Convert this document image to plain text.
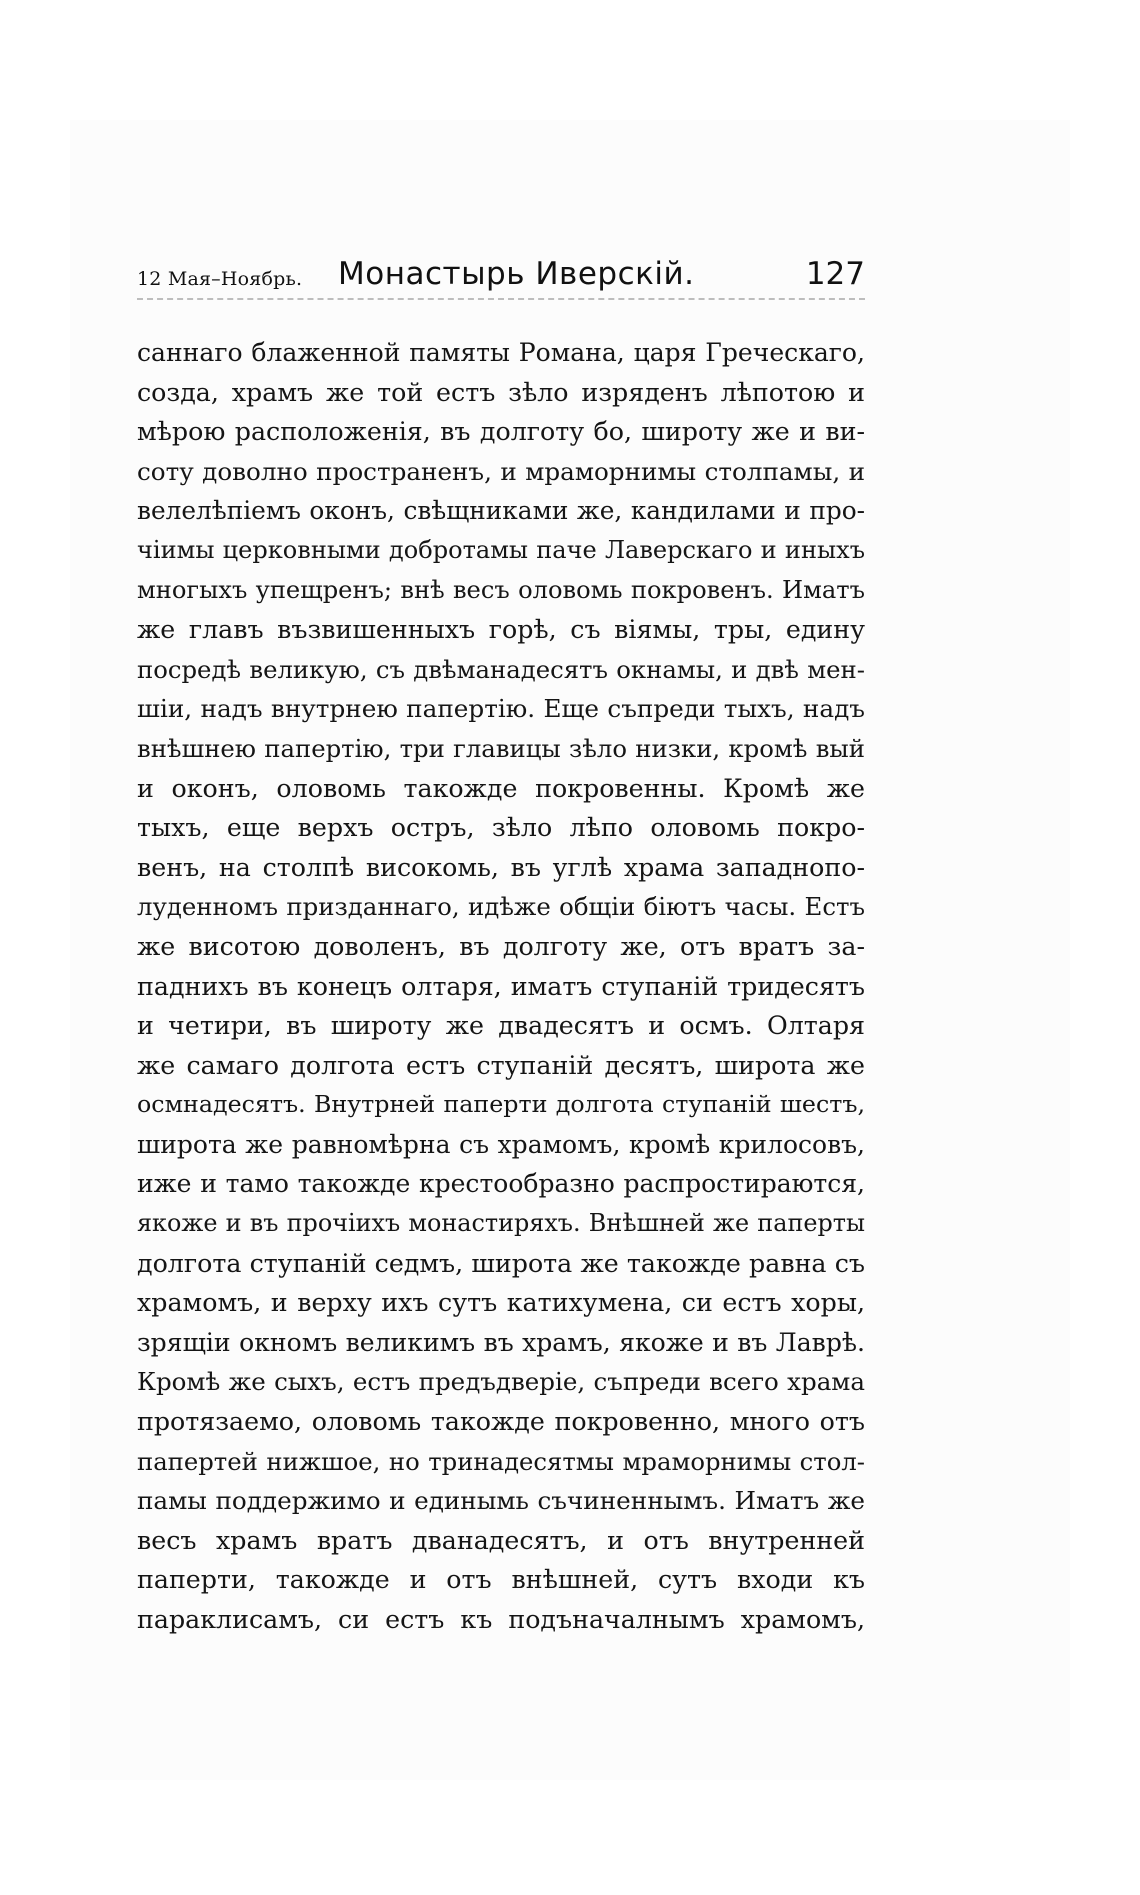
12 Мая–Ноябрь. Монастырь Иверскій.	127
саннаго блаженной памяты Романа, царя Греческаго,
созда, храмъ же той естъ зѣло изряденъ лѣпотою и
мѣрою расположенія, въ долготу бо, широту же и ви-
соту доволно пространенъ, и мраморнимы столпамы, и
велелѣпіемъ оконъ, свѣщниками же, кандилами и про-
чіимы церковными добротамы паче Лаверскаго и иныхъ
многыхъ упещренъ; внѣ весъ оловомь покровенъ. Иматъ
же главъ възвишенныхъ горѣ, съ віямы, тры, едину
посредѣ великую, съ двѣманадесятъ окнамы, и двѣ мен-
шіи, надъ внутрнею папертію. Еще съпреди тыхъ, надъ
внѣшнею папертію, три главицы зѣло низки, кромѣ вый
и оконъ, оловомь такожде покровенны. Кромѣ же
тыхъ, еще верхъ остръ, зѣло лѣпо оловомь покро-
венъ, на столпѣ високомь, въ углѣ храма западнопо-
луденномъ призданнаго, идѣже общіи біютъ часы. Естъ
же висотою доволенъ, въ долготу же, отъ вратъ за-
паднихъ въ конецъ олтаря, иматъ ступаній тридесятъ
и четири, въ широту же двадесятъ и осмъ. Олтаря
же самаго долгота естъ ступаній десятъ, широта же
осмнадесятъ. Внутрней паперти долгота ступаній шестъ,
широта же равномѣрна съ храмомъ, кромѣ крилосовъ,
иже и тамо такожде крестообразно распростираются,
якоже и въ прочіихъ монастиряхъ. Внѣшней же паперты
долгота ступаній седмъ, широта же такожде равна съ
храмомъ, и верху ихъ сутъ катихумена, си естъ хоры,
зрящіи окномъ великимъ въ храмъ, якоже и въ Лаврѣ.
Кромѣ же сыхъ, естъ предъдверіе, съпреди всего храма
протязаемо, оловомь такожде покровенно, много отъ
папертей нижшое, но тринадесятмы мраморнимы стол-
памы поддержимо и единымь съчиненнымъ. Иматъ же
весъ храмъ вратъ дванадесятъ, и отъ внутренней
паперти, такожде и отъ внѣшней, сутъ входи къ
параклисамъ, си естъ къ подъначалнымъ храмомъ,
